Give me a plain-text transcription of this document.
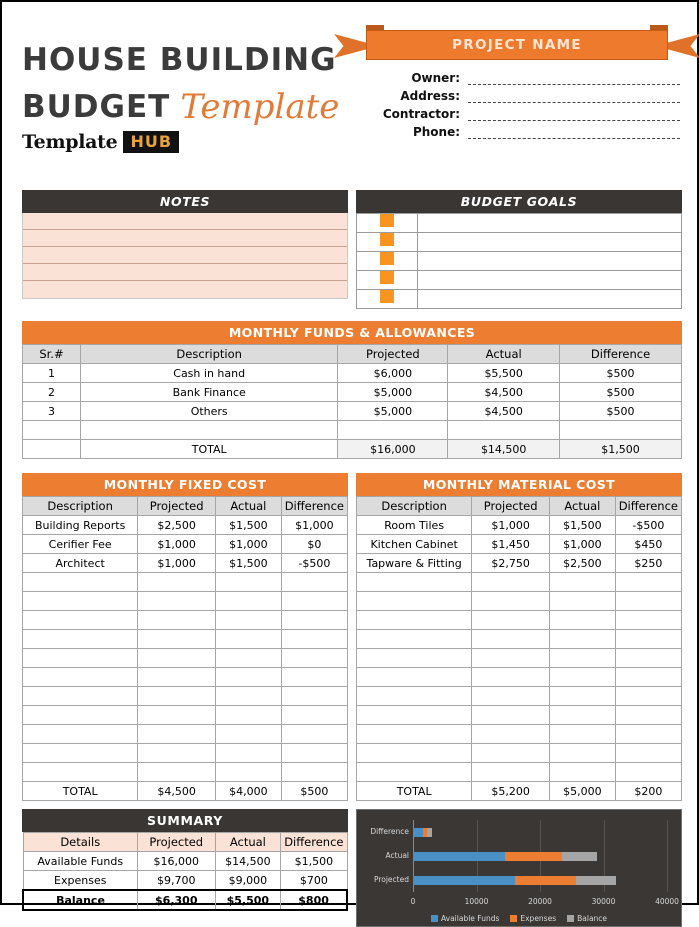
HOUSE BUILDING
BUDGET Template
Template HUB
PROJECT NAME
Owner:
Address:
Contractor:
Phone:
NOTES	BUDGET GOALS

MONTHLY FUNDS & ALLOWANCES
Sr.#	Description	Projected	Actual	Difference
1	Cash in hand	$6,000	$5,500	$500
2	Bank Finance	$5,000	$4,500	$500
3	Others	$5,000	$4,500	$500

	TOTAL	$16,000	$14,500	$1,500
MONTHLY FIXED COST
Description	Projected	Actual	Difference
Building Reports	$2,500	$1,500	$1,000
Cerifier Fee	$1,000	$1,000	$0
Architect	$1,000	$1,500	-$500

TOTAL	$4,500	$4,000	$500
MONTHLY MATERIAL COST
Description	Projected	Actual	Difference
Room Tiles	$1,000	$1,500	-$500
Kitchen Cabinet	$1,450	$1,000	$450
Tapware & Fitting	$2,750	$2,500	$250

TOTAL	$5,200	$5,000	$200
SUMMARY
Details	Projected	Actual	Difference
Available Funds	$16,000	$14,500	$1,500
Expenses	$9,700	$9,000	$700
Balance	$6,300	$5,500	$800	0	10000	20000	30000	40000
Difference
Actual
Projected
Available Funds	Expenses	Balance
